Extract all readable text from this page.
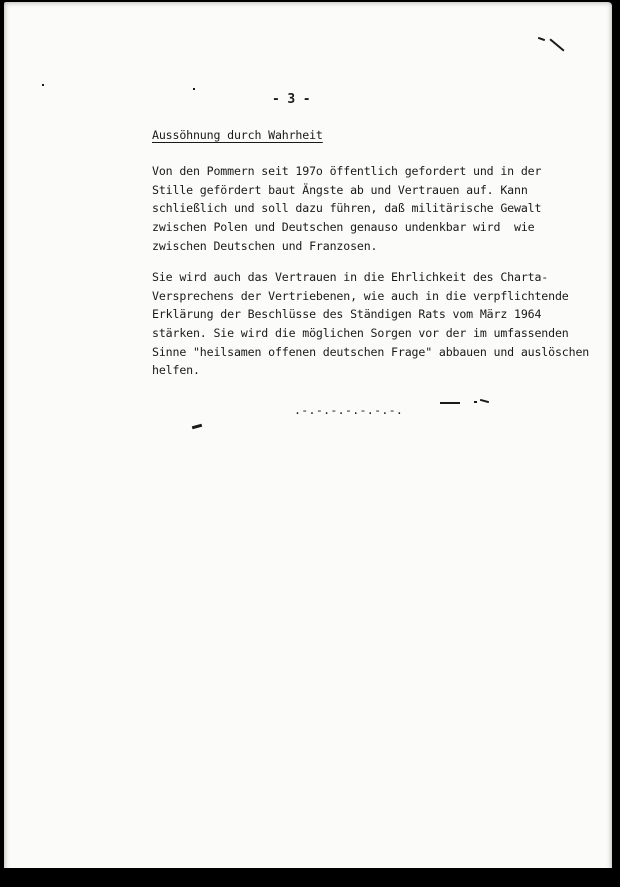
- 3 -
Aussöhnung durch Wahrheit
Von den Pommern seit 197o öffentlich gefordert und in der
Stille gefördert baut Ängste ab und Vertrauen auf. Kann
schließlich und soll dazu führen, daß militärische Gewalt
zwischen Polen und Deutschen genauso undenkbar wird  wie
zwischen Deutschen und Franzosen.
Sie wird auch das Vertrauen in die Ehrlichkeit des Charta-
Versprechens der Vertriebenen, wie auch in die verpflichtende
Erklärung der Beschlüsse des Ständigen Rats vom März 1964
stärken. Sie wird die möglichen Sorgen vor der im umfassenden
Sinne "heilsamen offenen deutschen Frage" abbauen und auslöschen
helfen.
.-.-.-.-.-.-.-.
